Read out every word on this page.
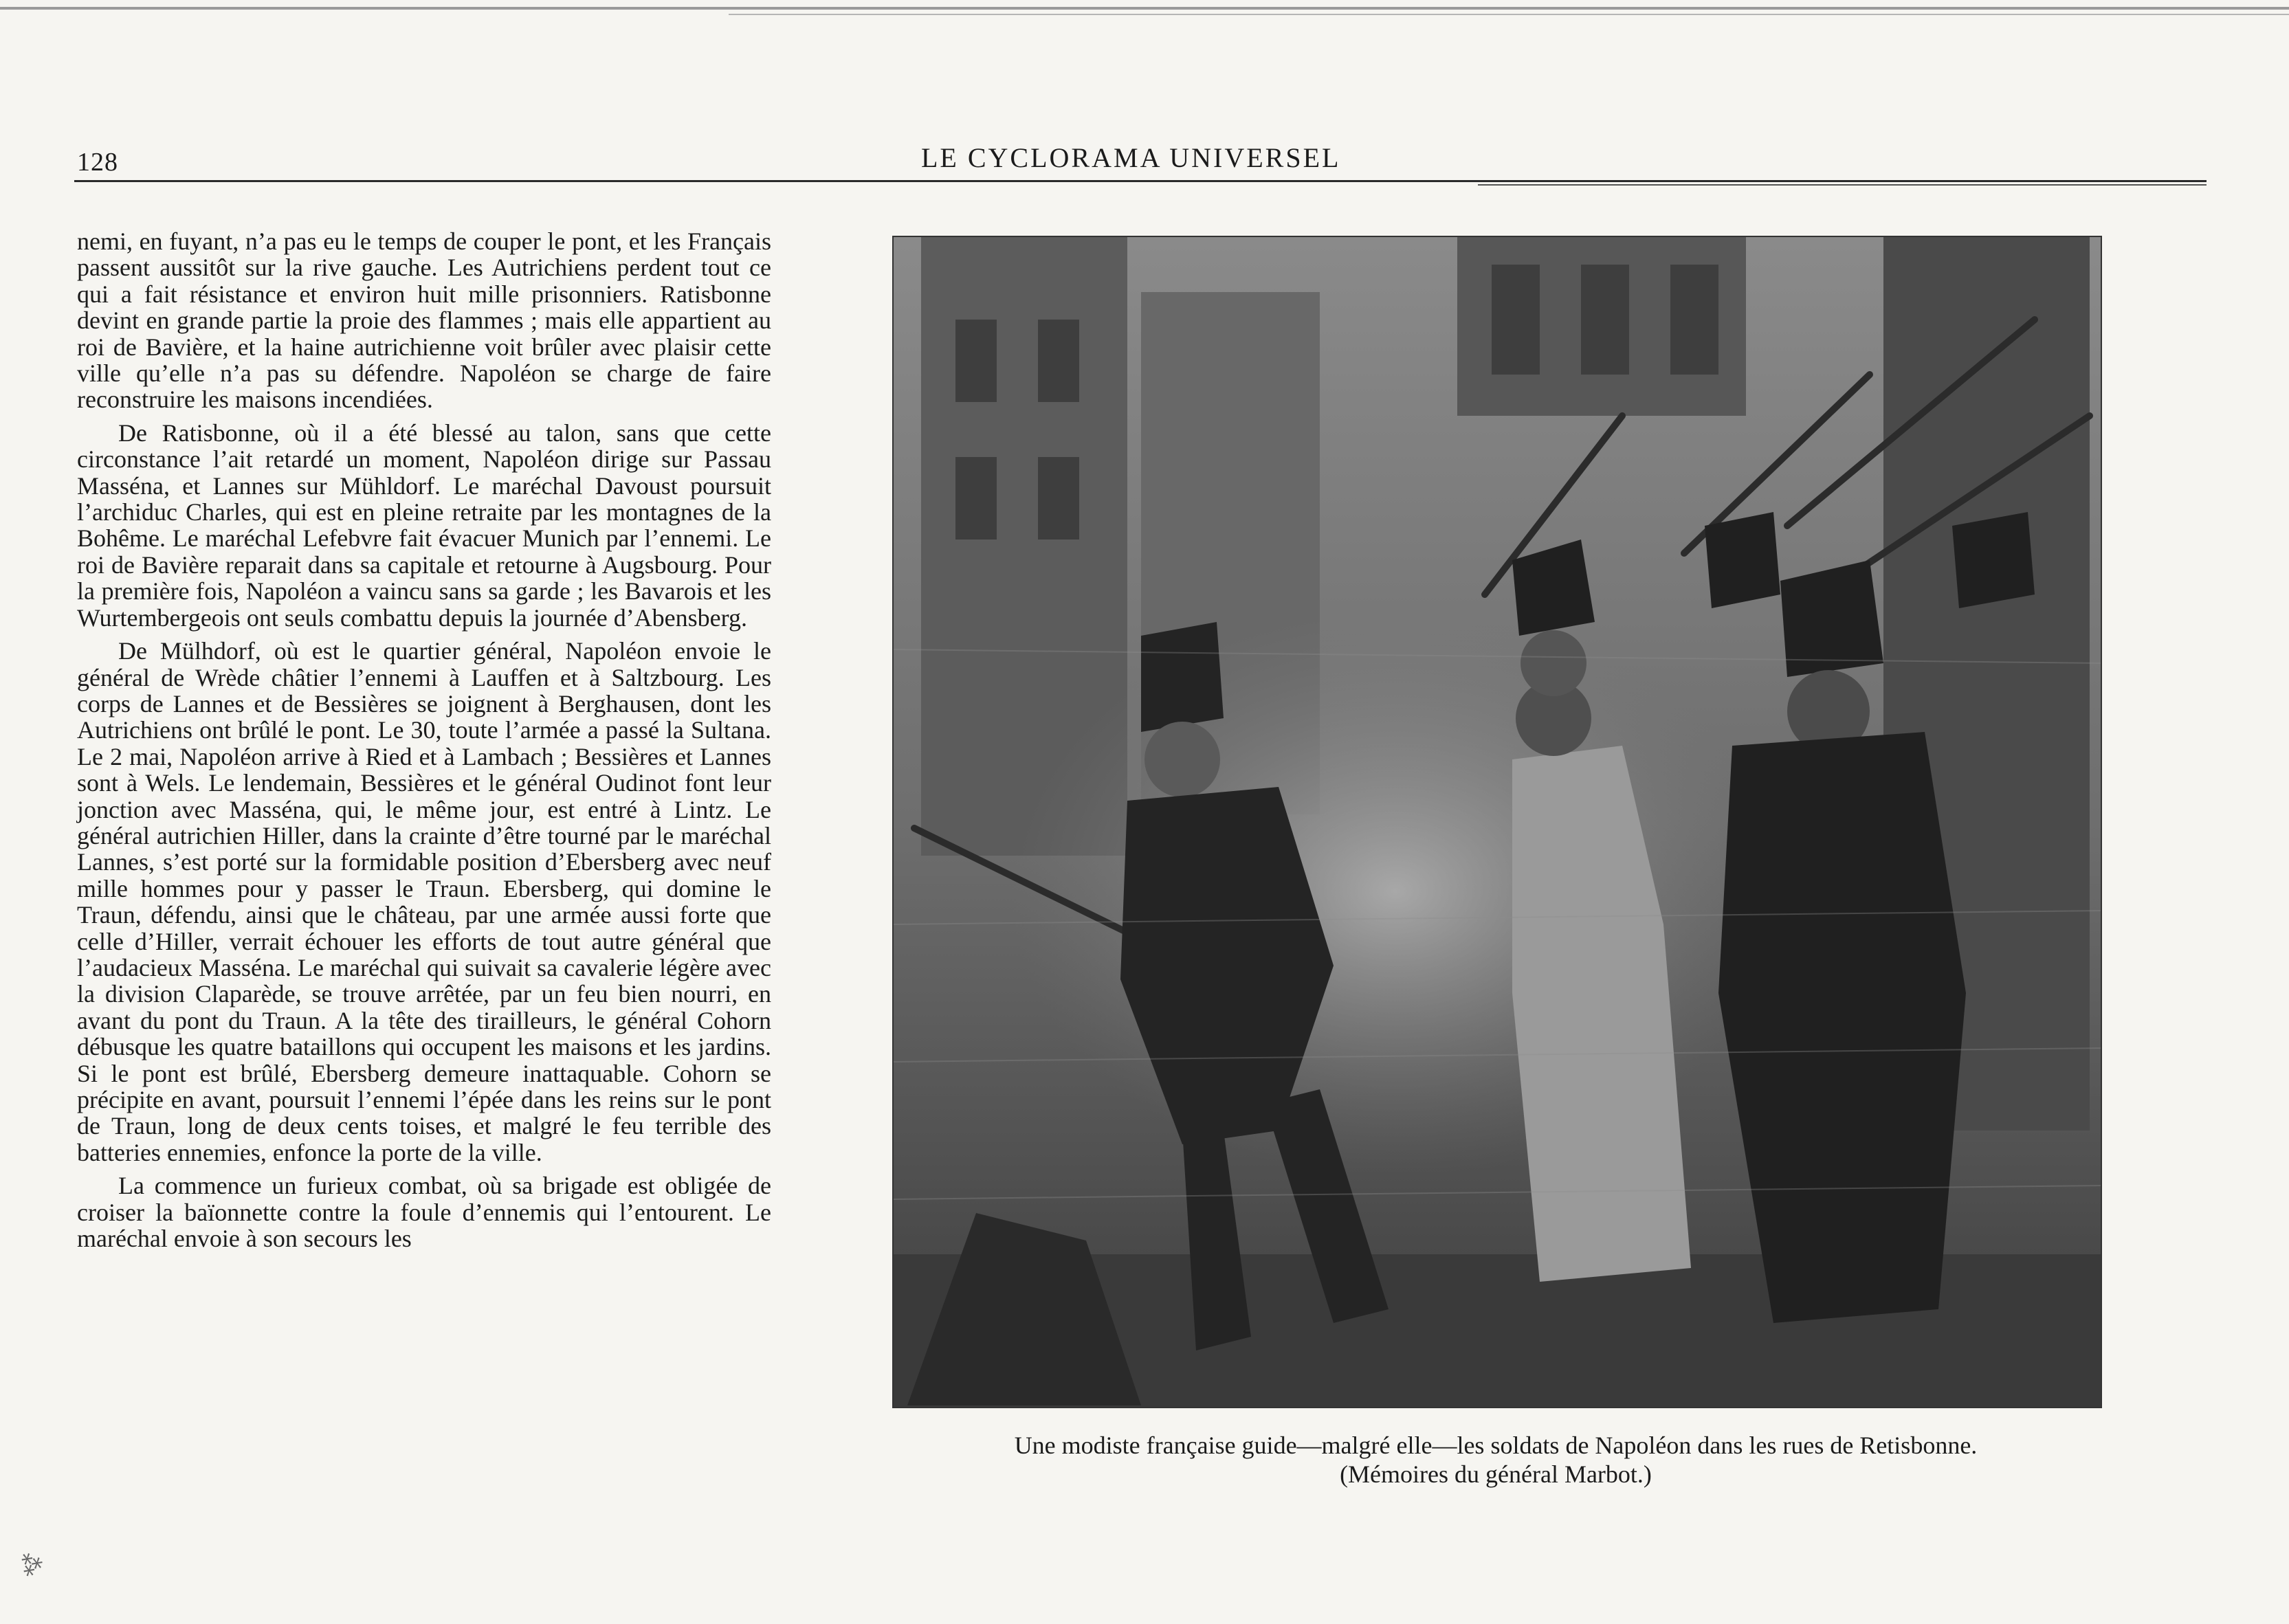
128	LE CYCLORAMA UNIVERSEL

nemi, en fuyant, n’a pas eu le temps de couper le pont, et les Français passent aussitôt sur la rive gauche. Les Autrichiens perdent tout ce qui a fait résistance et environ huit mille prisonniers. Ratisbonne devint en grande partie la proie des flammes ; mais elle appartient au roi de Bavière, et la haine autrichienne voit brûler avec plaisir cette ville qu’elle n’a pas su défendre. Napoléon se charge de faire reconstruire les maisons incendiées.

De Ratisbonne, où il a été blessé au talon, sans que cette circonstance l’ait retardé un moment, Napoléon dirige sur Passau Masséna, et Lannes sur Mühldorf. Le maréchal Davoust poursuit l’archiduc Charles, qui est en pleine retraite par les montagnes de la Bohême. Le maréchal Lefebvre fait évacuer Munich par l’ennemi. Le roi de Bavière reparait dans sa capitale et retourne à Augsbourg. Pour la première fois, Napoléon a vaincu sans sa garde ; les Bavarois et les Wurtembergeois ont seuls combattu depuis la journée d’Abensberg.

De Mülhdorf, où est le quartier général, Napoléon envoie le général de Wrède châtier l’ennemi à Lauffen et à Saltzbourg. Les corps de Lannes et de Bessières se joignent à Berghausen, dont les Autrichiens ont brûlé le pont. Le 30, toute l’armée a passé la Sultana. Le 2 mai, Napoléon arrive à Ried et à Lambach ; Bessières et Lannes sont à Wels. Le lendemain, Bessières et le général Oudinot font leur jonction avec Masséna, qui, le même jour, est entré à Lintz. Le général autrichien Hiller, dans la crainte d’être tourné par le maréchal Lannes, s’est porté sur la formidable position d’Ebersberg avec neuf mille hommes pour y passer le Traun. Ebersberg, qui domine le Traun, défendu, ainsi que le château, par une armée aussi forte que celle d’Hiller, verrait échouer les efforts de tout autre général que l’audacieux Masséna. Le maréchal qui suivait sa cavalerie légère avec la division Claparède, se trouve arrêtée, par un feu bien nourri, en avant du pont du Traun. A la tête des tirailleurs, le général Cohorn débusque les quatre bataillons qui occupent les maisons et les jardins. Si le pont est brûlé, Ebersberg demeure inattaquable. Cohorn se précipite en avant, poursuit l’ennemi l’épée dans les reins sur le pont de Traun, long de deux cents toises, et malgré le feu terrible des batteries ennemies, enfonce la porte de la ville.

La commence un furieux combat, où sa brigade est obligée de croiser la baïonnette contre la foule d’ennemis qui l’entourent. Le maréchal envoie à son secours les

Une modiste française guide—malgré elle—les soldats de Napoléon dans les rues de Retisbonne.
(Mémoires du général Marbot.)
⁂
